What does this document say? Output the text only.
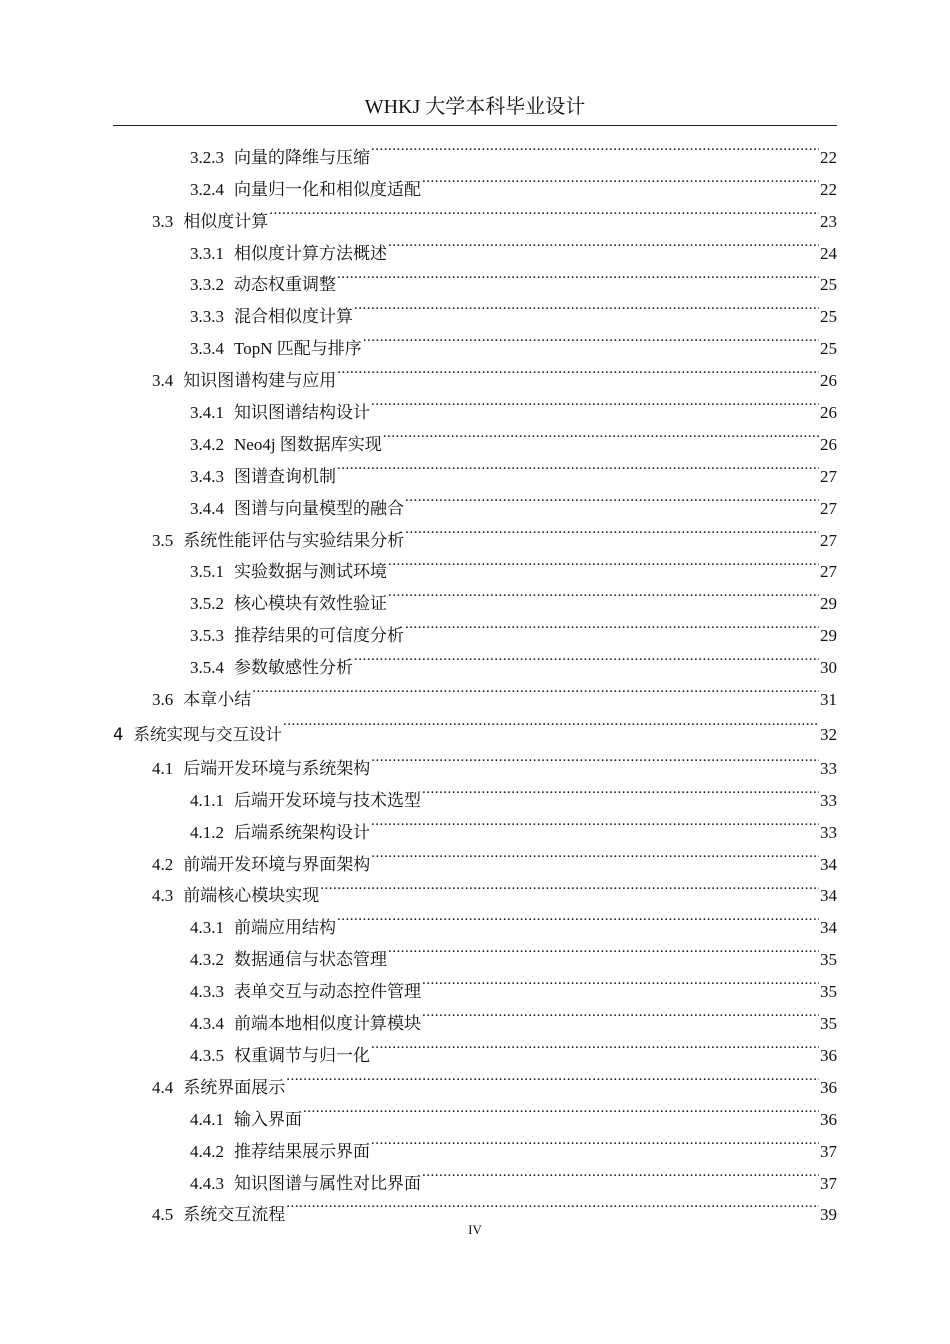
WHKJ 大学本科毕业设计
3.2.3 向量的降维与压缩 .....	22
3.2.4 向量归一化和相似度适配 .....	22
3.3 相似度计算 .....	23
3.3.1 相似度计算方法概述 .....	24
3.3.2 动态权重调整 .....	25
3.3.3 混合相似度计算 .....	25
3.3.4 TopN 匹配与排序 .....	25
3.4 知识图谱构建与应用 .....	26
3.4.1 知识图谱结构设计 .....	26
3.4.2 Neo4j 图数据库实现 .....	26
3.4.3 图谱查询机制 .....	27
3.4.4 图谱与向量模型的融合 .....	27
3.5 系统性能评估与实验结果分析 .....	27
3.5.1 实验数据与测试环境 .....	27
3.5.2 核心模块有效性验证 .....	29
3.5.3 推荐结果的可信度分析 .....	29
3.5.4 参数敏感性分析 .....	30
3.6 本章小结 .....	31
4 系统实现与交互设计 .....	32
4.1 后端开发环境与系统架构 .....	33
4.1.1 后端开发环境与技术选型 .....	33
4.1.2 后端系统架构设计 .....	33
4.2 前端开发环境与界面架构 .....	34
4.3 前端核心模块实现 .....	34
4.3.1 前端应用结构 .....	34
4.3.2 数据通信与状态管理 .....	35
4.3.3 表单交互与动态控件管理 .....	35
4.3.4 前端本地相似度计算模块 .....	35
4.3.5 权重调节与归一化 .....	36
4.4 系统界面展示 .....	36
4.4.1 输入界面 .....	36
4.4.2 推荐结果展示界面 .....	37
4.4.3 知识图谱与属性对比界面 .....	37
4.5 系统交互流程 .....	39
IV
